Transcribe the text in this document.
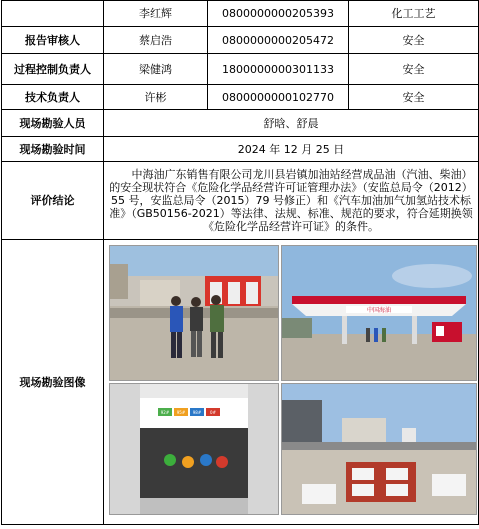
	李红辉	0800000000205393	化工工艺
报告审核人	蔡启浩	0800000000205472	安全
过程控制负责人	梁健鸿	1800000000301133	安全
技术负责人	许彬	0800000000102770	安全
现场勘验人员	舒晗、舒晨		
现场勘验时间	2024 年 12 月 25 日		
评价结论	中海油广东销售有限公司龙川县岩镇加油站经营成品油（汽油、柴油）的安全现状符合《危险化学品经营许可证管理办法》（安监总局令（2012）55 号，安监总局令（2015）79 号修正）和《汽车加油加气加氢站技术标准》（GB50156-2021）等法律、法规、标准、规范的要求，符合延期换领《危险化学品经营许可证》的条件。		
现场勘验图像	中国海油
92# 95# 98# 0#		
